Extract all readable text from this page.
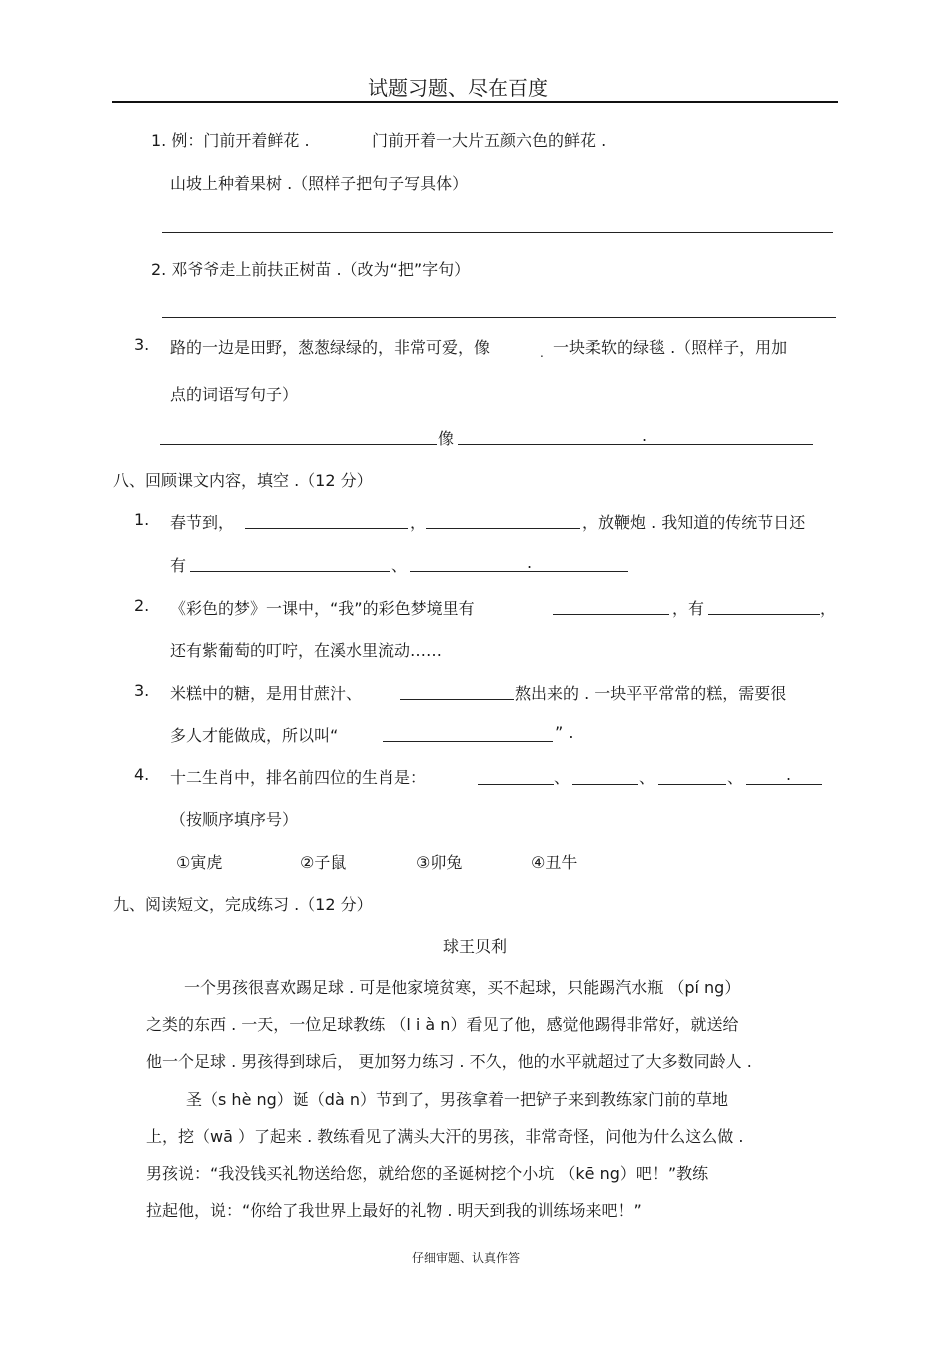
试题习题、尽在百度
1. 例：门前开着鲜花 .	门前开着一大片五颜六色的鲜花 .
山坡上种着果树 .（照样子把句子写具体）
2. 邓爷爷走上前扶正树苗 .（改为“把”字句）
3. 路的一边是田野，葱葱绿绿的，非常可爱，像	. 一块柔软的绿毯 .（照样子，用加
点的词语写句子）
像	.
八、回顾课文内容，填空 .（12 分）
1. 春节到，	，	，放鞭炮 . 我知道的传统节日还
有	、	.
2. 《彩色的梦》一课中，“我”的彩色梦境里有	，有	，
还有紫葡萄的叮咛，在溪水里流动……
3. 米糕中的糖，是用甘蔗汁、	熬出来的 . 一块平平常常的糕，需要很
多人才能做成，所以叫“	” .
4. 十二生肖中，排名前四位的生肖是：	、	、	、	.
（按顺序填序号）
①寅虎	②子鼠	③卯兔	④丑牛
九、阅读短文，完成练习 .（12 分）
球王贝利
一个男孩很喜欢踢足球 . 可是他家境贫寒，买不起球，只能踢汽水瓶 （pí ng）
之类的东西 . 一天，一位足球教练 （l i à n）看见了他，感觉他踢得非常好，就送给
他一个足球 . 男孩得到球后， 更加努力练习 . 不久，他的水平就超过了大多数同龄人 .
圣（s hè ng）诞（dà n）节到了，男孩拿着一把铲子来到教练家门前的草地
上，挖（wā ）了起来 . 教练看见了满头大汗的男孩，非常奇怪，问他为什么这么做 .
男孩说：“我没钱买礼物送给您，就给您的圣诞树挖个小坑 （kē ng）吧！”教练
拉起他，说：“你给了我世界上最好的礼物 . 明天到我的训练场来吧！”
仔细审题、认真作答
